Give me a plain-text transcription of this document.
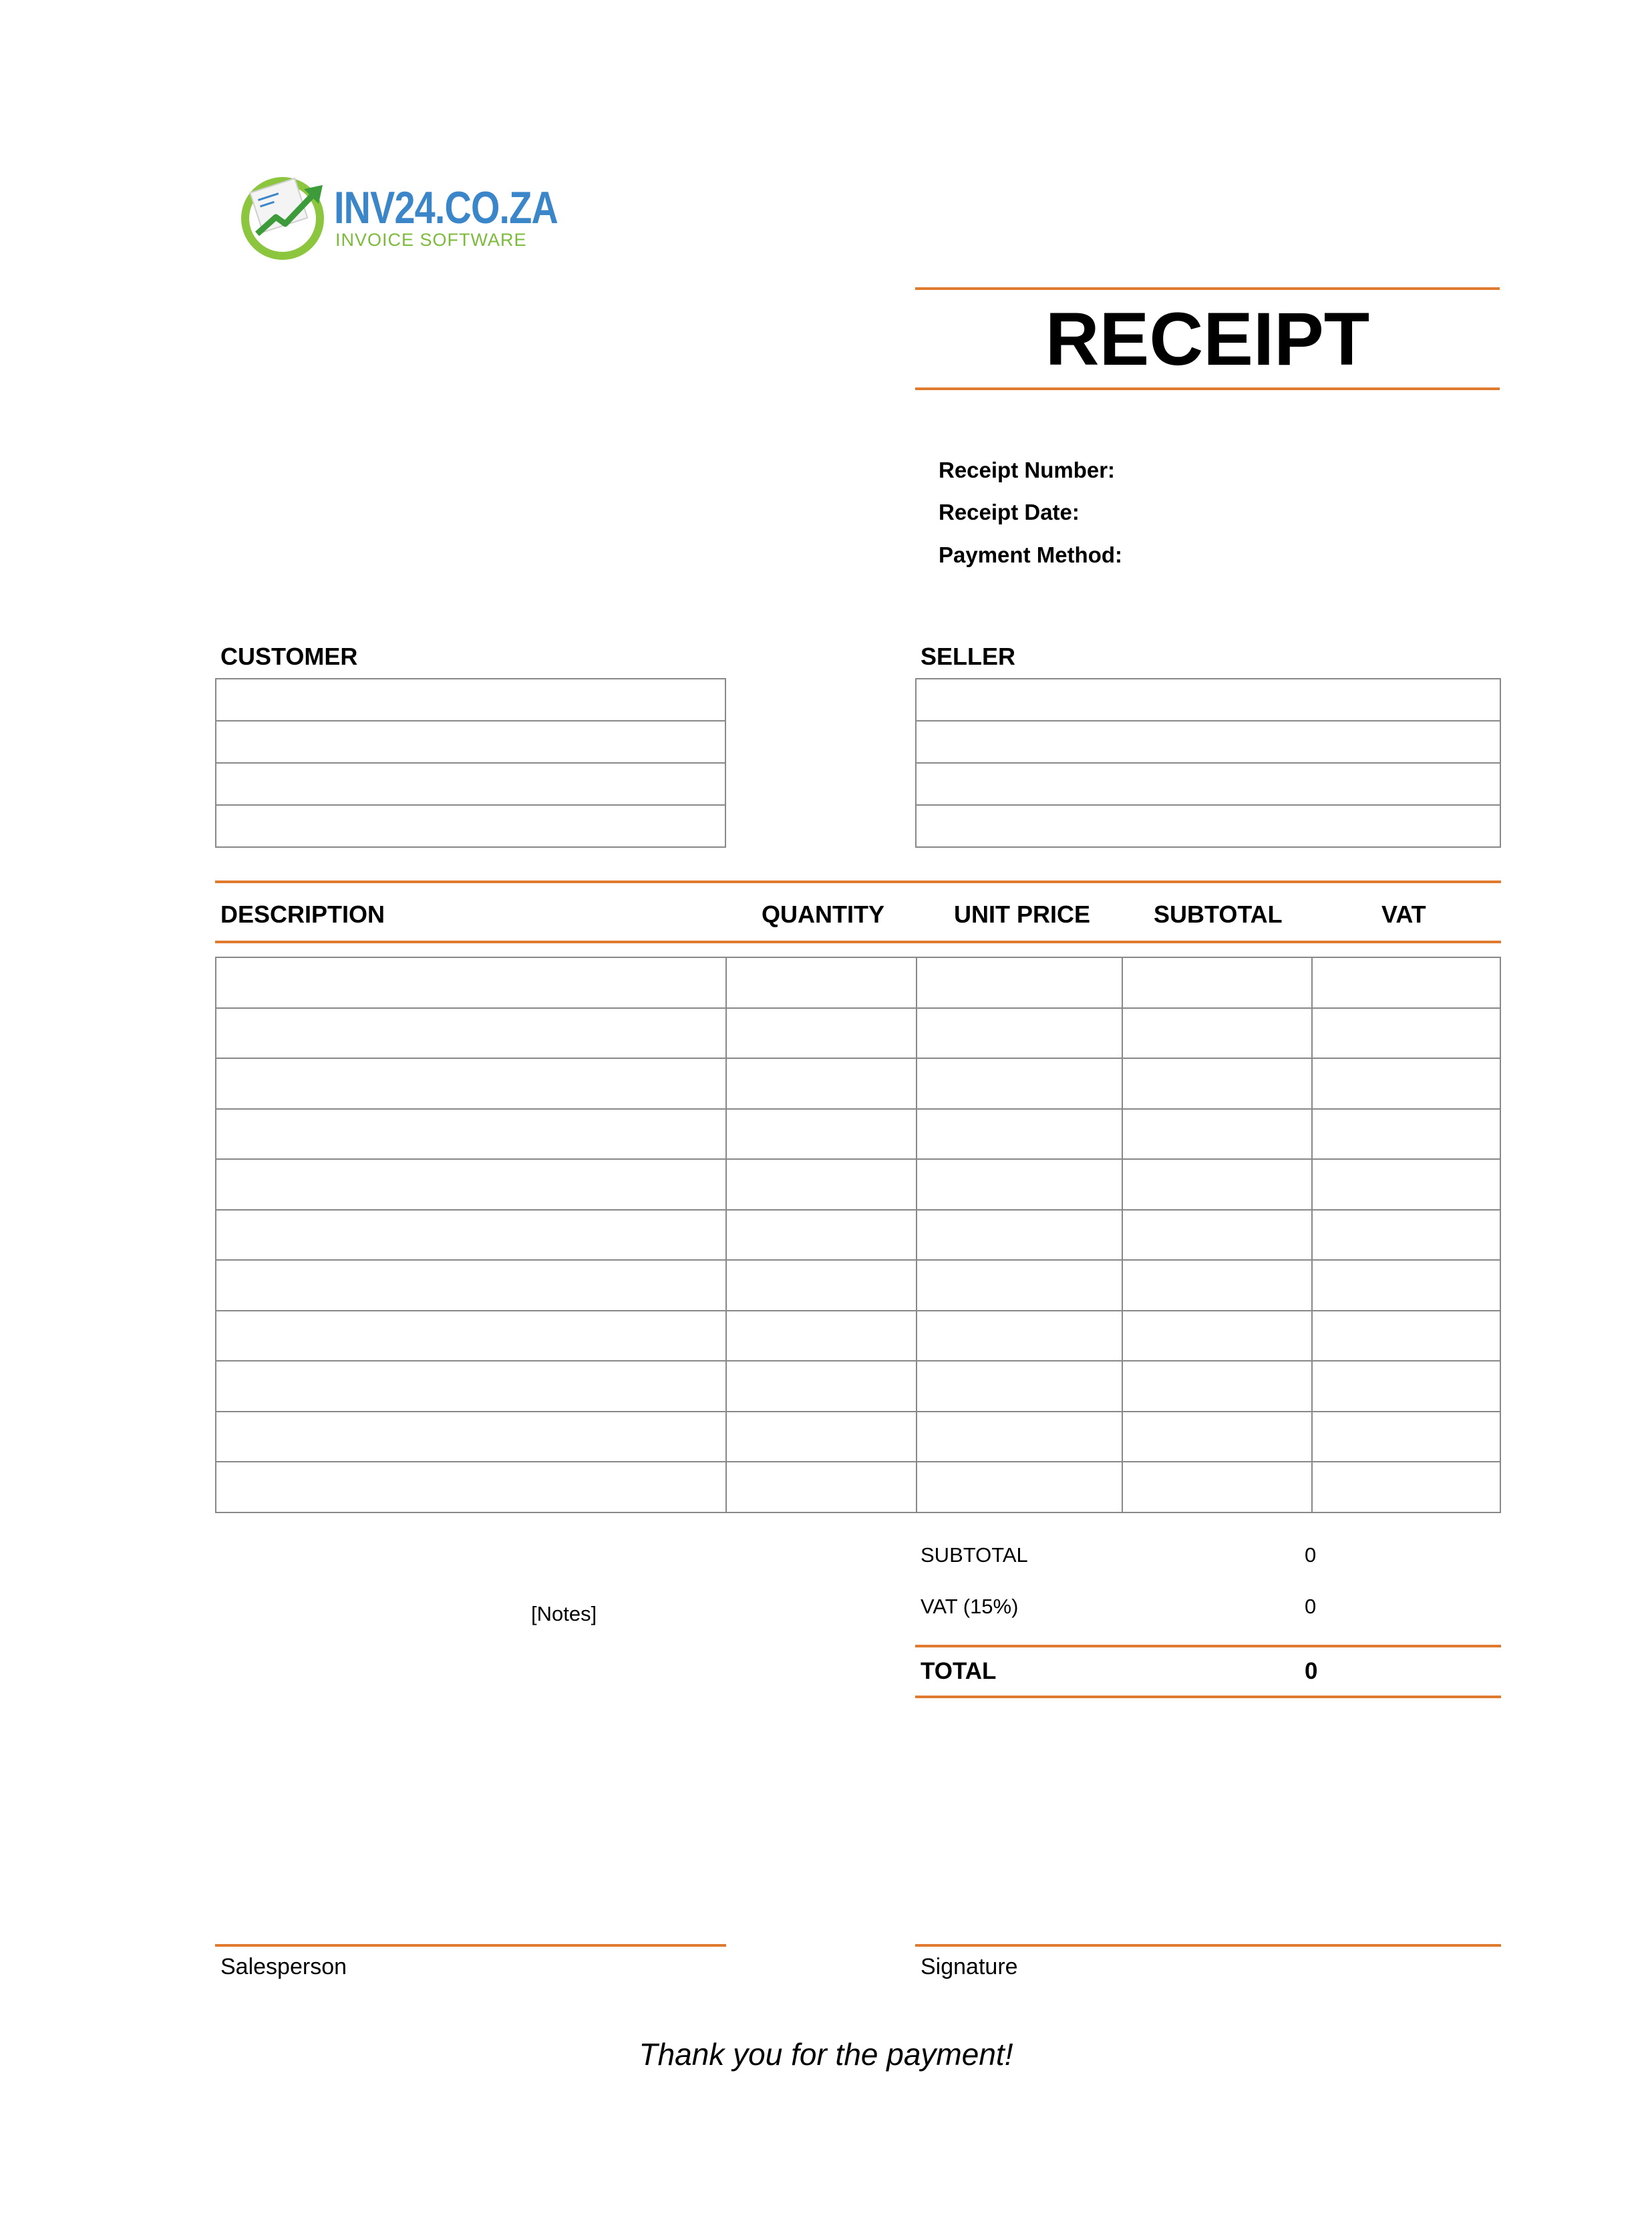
INV24.CO.ZA
INVOICE SOFTWARE
RECEIPT
Receipt Number:
Receipt Date:
Payment Method:
CUSTOMER	SELLER

DESCRIPTION	QUANTITY	UNIT PRICE	SUBTOTAL	VAT

[Notes]
SUBTOTAL	0
VAT (15%)	0
TOTAL	0
Salesperson	Signature
Thank you for the payment!
